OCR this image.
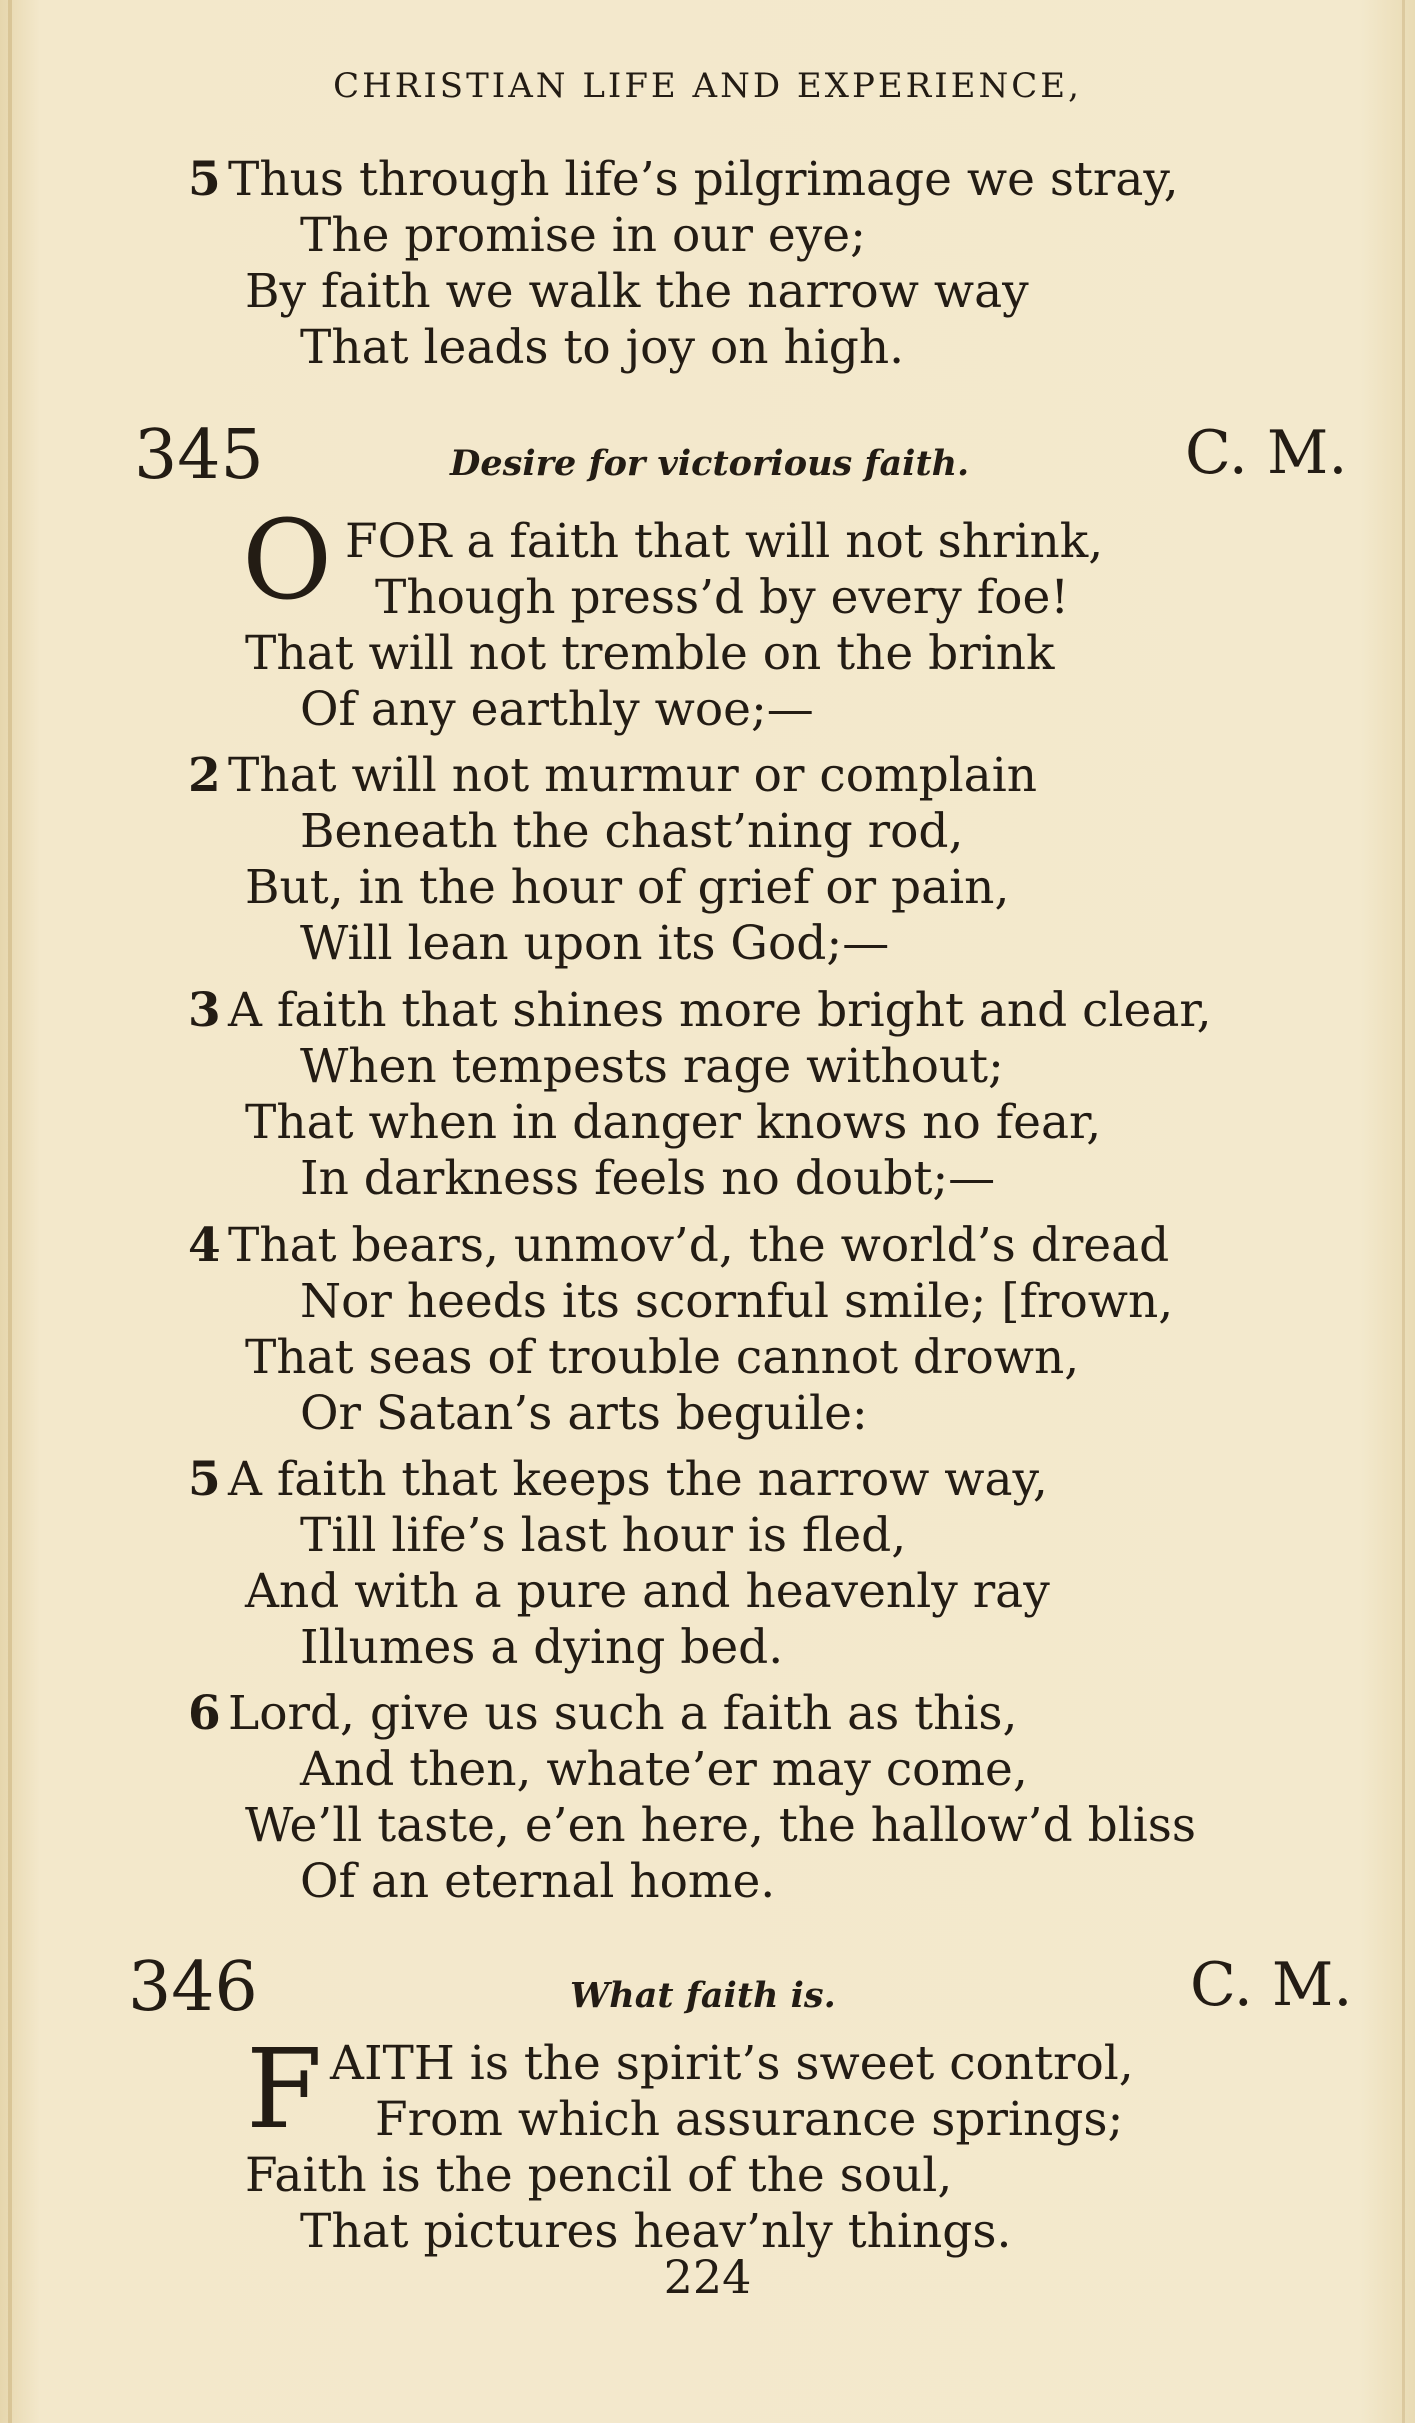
CHRISTIAN LIFE AND EXPERIENCE,
5 Thus through life’s pilgrimage we stray,
The promise in our eye;
By faith we walk the narrow way
That leads to joy on high.
345	Desire for victorious faith.	C. M.
O FOR a faith that will not shrink,
Though press’d by every foe!
That will not tremble on the brink
Of any earthly woe;—
2 That will not murmur or complain
Beneath the chast’ning rod,
But, in the hour of grief or pain,
Will lean upon its God;—
3 A faith that shines more bright and clear,
When tempests rage without;
That when in danger knows no fear,
In darkness feels no doubt;—
4 That bears, unmov’d, the world’s dread
Nor heeds its scornful smile; [frown,
That seas of trouble cannot drown,
Or Satan’s arts beguile:
5 A faith that keeps the narrow way,
Till life’s last hour is fled,
And with a pure and heavenly ray
Illumes a dying bed.
6 Lord, give us such a faith as this,
And then, whate’er may come,
We’ll taste, e’en here, the hallow’d bliss
Of an eternal home.
346	What faith is.	C. M.
F AITH is the spirit’s sweet control,
From which assurance springs;
Faith is the pencil of the soul,
That pictures heav’nly things.
224
